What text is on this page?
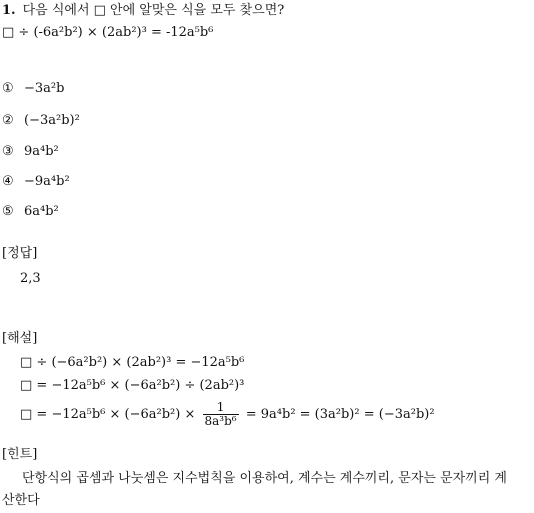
1. 다음 식에서 □ 안에 알맞은 식을 모두 찾으면?
□ ÷ (-6a²b²) × (2ab²)³ = -12a⁵b⁶
① −3a²b
② (−3a²b)²
③ 9a⁴b²
④ −9a⁴b²
⑤ 6a⁴b²
[정답]
2,3
[해설]
□ ÷ (−6a²b²) × (2ab²)³ = −12a⁵b⁶
□ = −12a⁵b⁶ × (−6a²b²) ÷ (2ab²)³
□ = $-12a^5b^6 \times (-6a^2b^2) \times \frac{1}{\text{8a³b⁶}} = 9a^4b^2 = (3a^2b)^2 = (-3a^2b)^2$
[힌트]
단항식의 곱셈과 나눗셈은 지수법칙을 이용하여, 계수는 계수끼리, 문자는 문자끼리 계산한다
